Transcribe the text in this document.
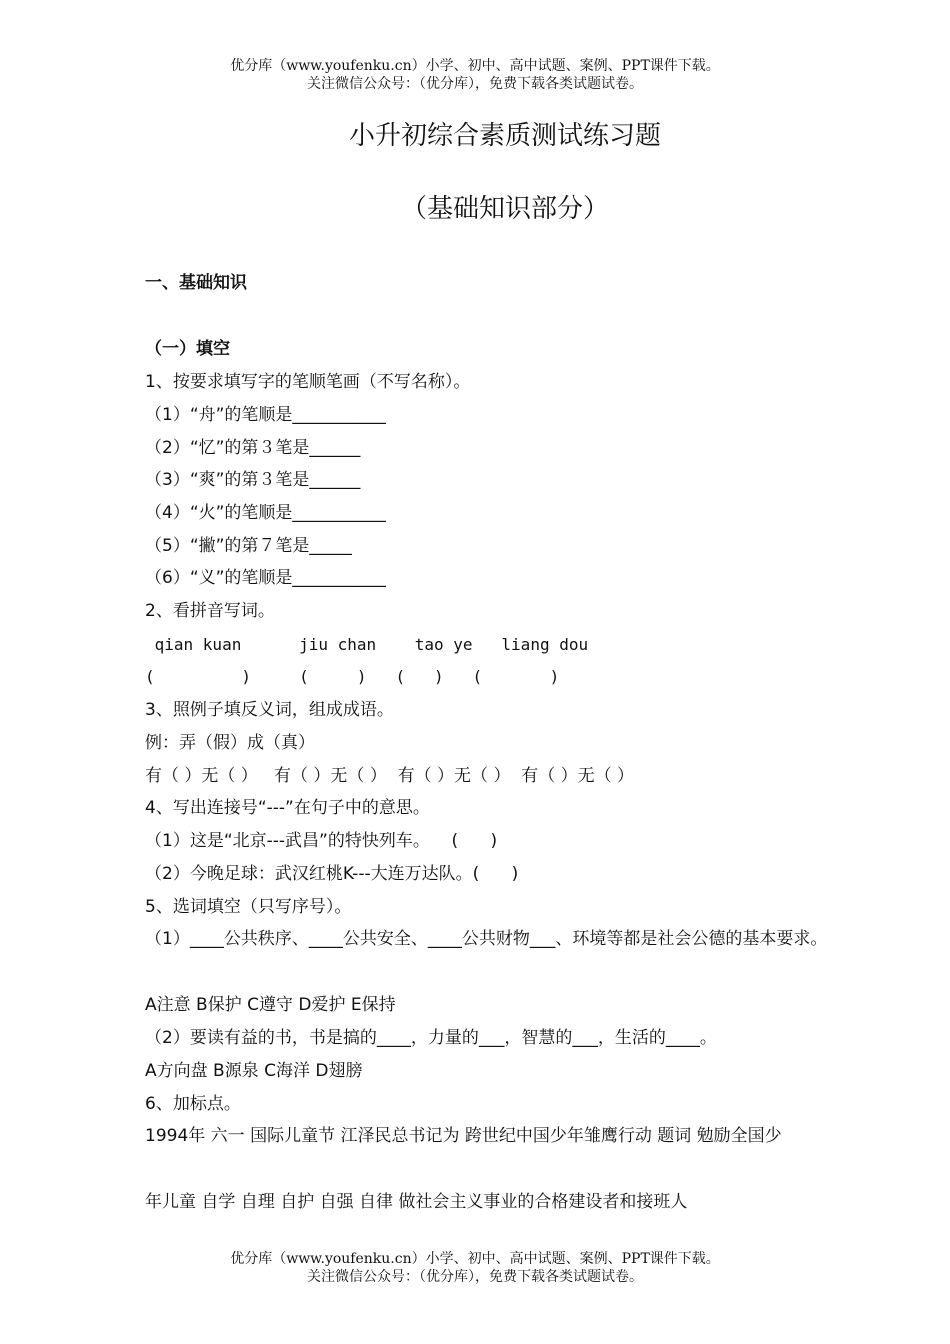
优分库（www.youfenku.cn）小学、初中、高中试题、案例、PPT课件下载。
关注微信公众号：（优分库），免费下载各类试题试卷。
小升初综合素质测试练习题
（基础知识部分）
一、基础知识
（一）填空
1、按要求填写字的笔顺笔画（不写名称）。
（1）“舟”的笔顺是___________
（2）“忆”的第３笔是______
（3）“爽”的第３笔是______
（4）“火”的笔顺是___________
（5）“撇”的第７笔是_____
（6）“义”的笔顺是___________
2、看拼音写词。
qian kuan      jiu chan    tao ye   liang dou
(         )     (     )   (   )   (       )
3、照例子填反义词，组成成语。
例：弄（假）成（真）
有（ ）无（ ）   有（ ）无（ ）  有（ ）无（ ）  有（ ）无（ ）
4、写出连接号“---”在句子中的意思。
（1）这是“北京---武昌”的特快列车。    (      )
（2）今晚足球：武汉红桃K---大连万达队。(      )
5、选词填空（只写序号）。
（1）____公共秩序、____公共安全、____公共财物___、环境等都是社会公德的基本要求。
A注意 B保护 C遵守 D爱护 E保持
（2）要读有益的书，书是搞的____，力量的___，智慧的___，生活的____。
A方向盘 B源泉 C海洋 D翅膀
6、加标点。
1994年 六一 国际儿童节 江泽民总书记为 跨世纪中国少年雏鹰行动 题词 勉励全国少
年儿童 自学 自理 自护 自强 自律 做社会主义事业的合格建设者和接班人
优分库（www.youfenku.cn）小学、初中、高中试题、案例、PPT课件下载。
关注微信公众号：（优分库），免费下载各类试题试卷。
